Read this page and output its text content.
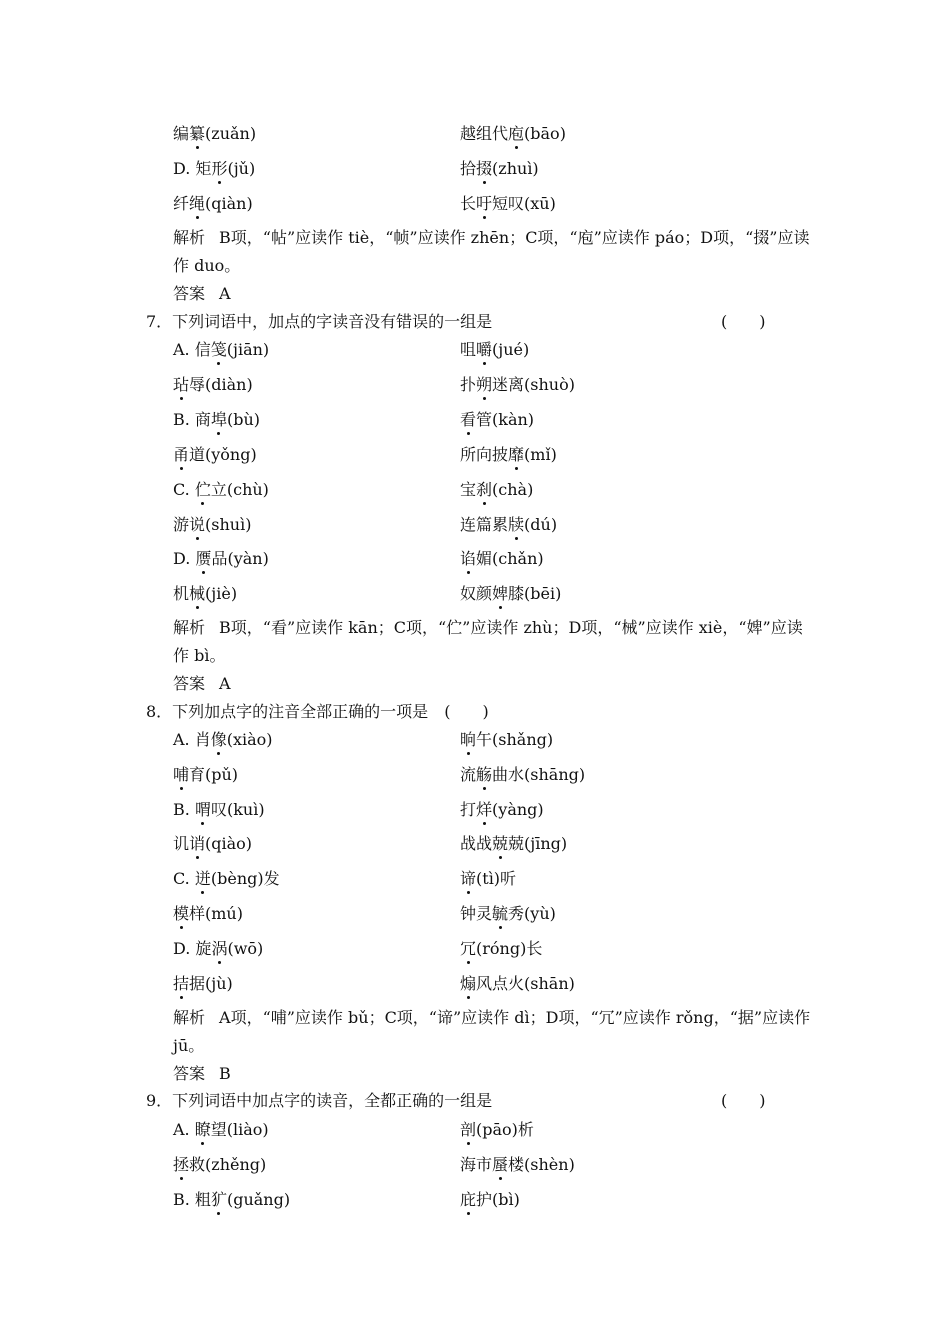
编纂(zuǎn)	越组代庖(bāo)
D. 矩形(jǔ)	拾掇(zhuì)
纤绳(qiàn)	长吁短叹(xū)
解析 B项，“帖”应读作 tiè，“帧”应读作 zhēn；C项，“庖”应读作 páo；D项，“掇”应读作 duo。
答案 A
7．下列词语中，加点的字读音没有错误的一组是	(　　)
A. 信笺(jiān)	咀嚼(jué)
玷辱(diàn)	扑朔迷离(shuò)
B. 商埠(bù)	看管(kàn)
甬道(yǒng)	所向披靡(mǐ)
C. 伫立(chù)	宝刹(chà)
游说(shuì)	连篇累牍(dú)
D. 赝品(yàn)	谄媚(chǎn)
机械(jiè)	奴颜婢膝(bēi)
解析 B项，“看”应读作 kān；C项，“伫”应读作 zhù；D项，“械”应读作 xiè，“婢”应读作 bì。
答案 A
8．下列加点字的注音全部正确的一项是　 (　　)
A. 肖像(xiào)	晌午(shǎng)
哺育(pǔ)	流觞曲水(shāng)
B. 喟叹(kuì)	打烊(yàng)
讥诮(qiào)	战战兢兢(jīng)
C. 迸(bèng)发	谛(tì)听
模样(mú)	钟灵毓秀(yù)
D. 旋涡(wō)	冗(róng)长
拮据(jù)	煽风点火(shān)
解析 A项，“哺”应读作 bǔ；C项，“谛”应读作 dì；D项，“冗”应读作 rǒng，“据”应读作 jū。
答案 B
9．下列词语中加点字的读音，全都正确的一组是	(　　)
A. 瞭望(liào)	剖(pāo)析
拯救(zhěng)	海市蜃楼(shèn)
B. 粗犷(guǎng)	庇护(bì)
